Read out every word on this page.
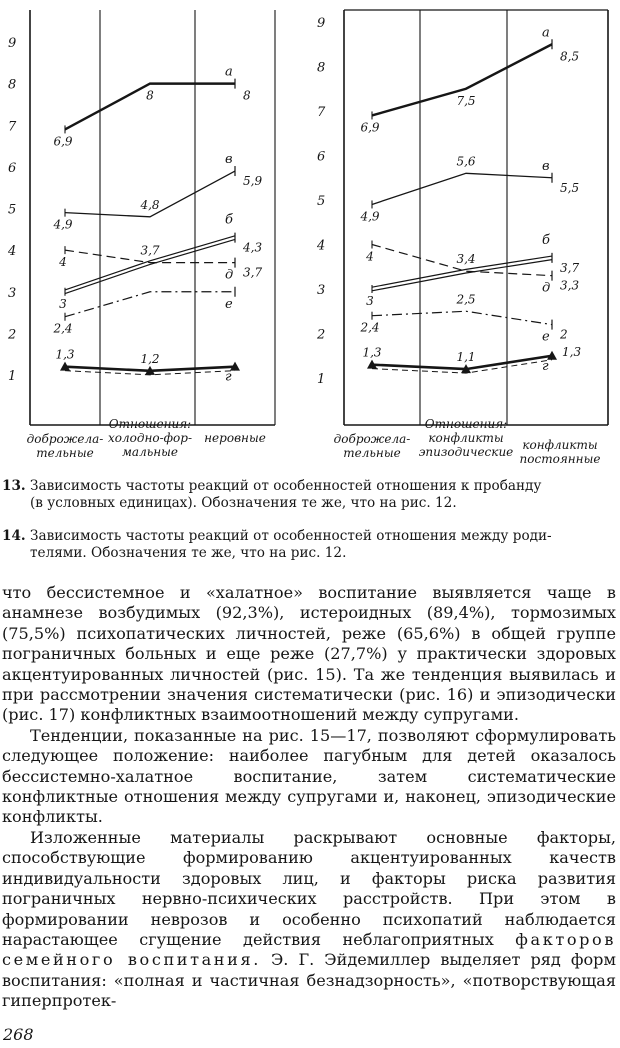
1
2
3
4
5
6
7
8
9
6,9
8	8
а
4,9
4,8
5,9
в
3
3,7	4,3
б
4
3,7
д
2,4
е
1,3	1,2
г
доброжела-
тельные
Отношения:
холодно-фор-
мальные
неровные
1
2
3
4
5
6
7
8
9
6,9
7,5
8,5
а
4,9
5,6
5,5
в
3
3,4
3,7
б
4
3,3
д
2,4
2,5
2
е
1,3	1,1	1,3
г
доброжела-
тельные
Отношения:
конфликты
эпизодические конфликты
постоянные
13. Зависимость частоты реакций от особенностей отношения к пробанду
(в условных единицах). Обозначения те же, что на рис. 12.
14. Зависимость частоты реакций от особенностей отношения между роди-
телями. Обозначения те же, что на рис. 12.

что бессистемное и «халатное» воспитание выявляется чаще в анамнезе возбудимых (92,3%), истероидных (89,4%), тормозимых (75,5%) психопатических личностей, реже (65,6%) в общей группе пограничных больных и еще реже (27,7%) у практически здоровых акцентуированных личностей (рис. 15). Та же тенденция выявилась и при рассмотрении значения систематически (рис. 16) и эпизодически (рис. 17) конфликтных взаимоотношений между супругами.

Тенденции, показанные на рис. 15—17, позволяют сформулировать следующее положение: наиболее пагубным для детей оказалось бессистемно-халатное воспитание, затем систематические конфликтные отношения между супругами и, наконец, эпизодические конфликты.

Изложенные материалы раскрывают основные факторы, способствующие формированию акцентуированных качеств индивидуальности здоровых лиц, и факторы риска развития пограничных нервно-психических расстройств. При этом в формировании неврозов и особенно психопатий наблюдается нарастающее сгущение действия неблагоприятных факторов семейного воспитания. Э. Г. Эйдемиллер выделяет ряд форм воспитания: «полная и частичная безнадзорность», «потворствующая гиперпротек-

268
